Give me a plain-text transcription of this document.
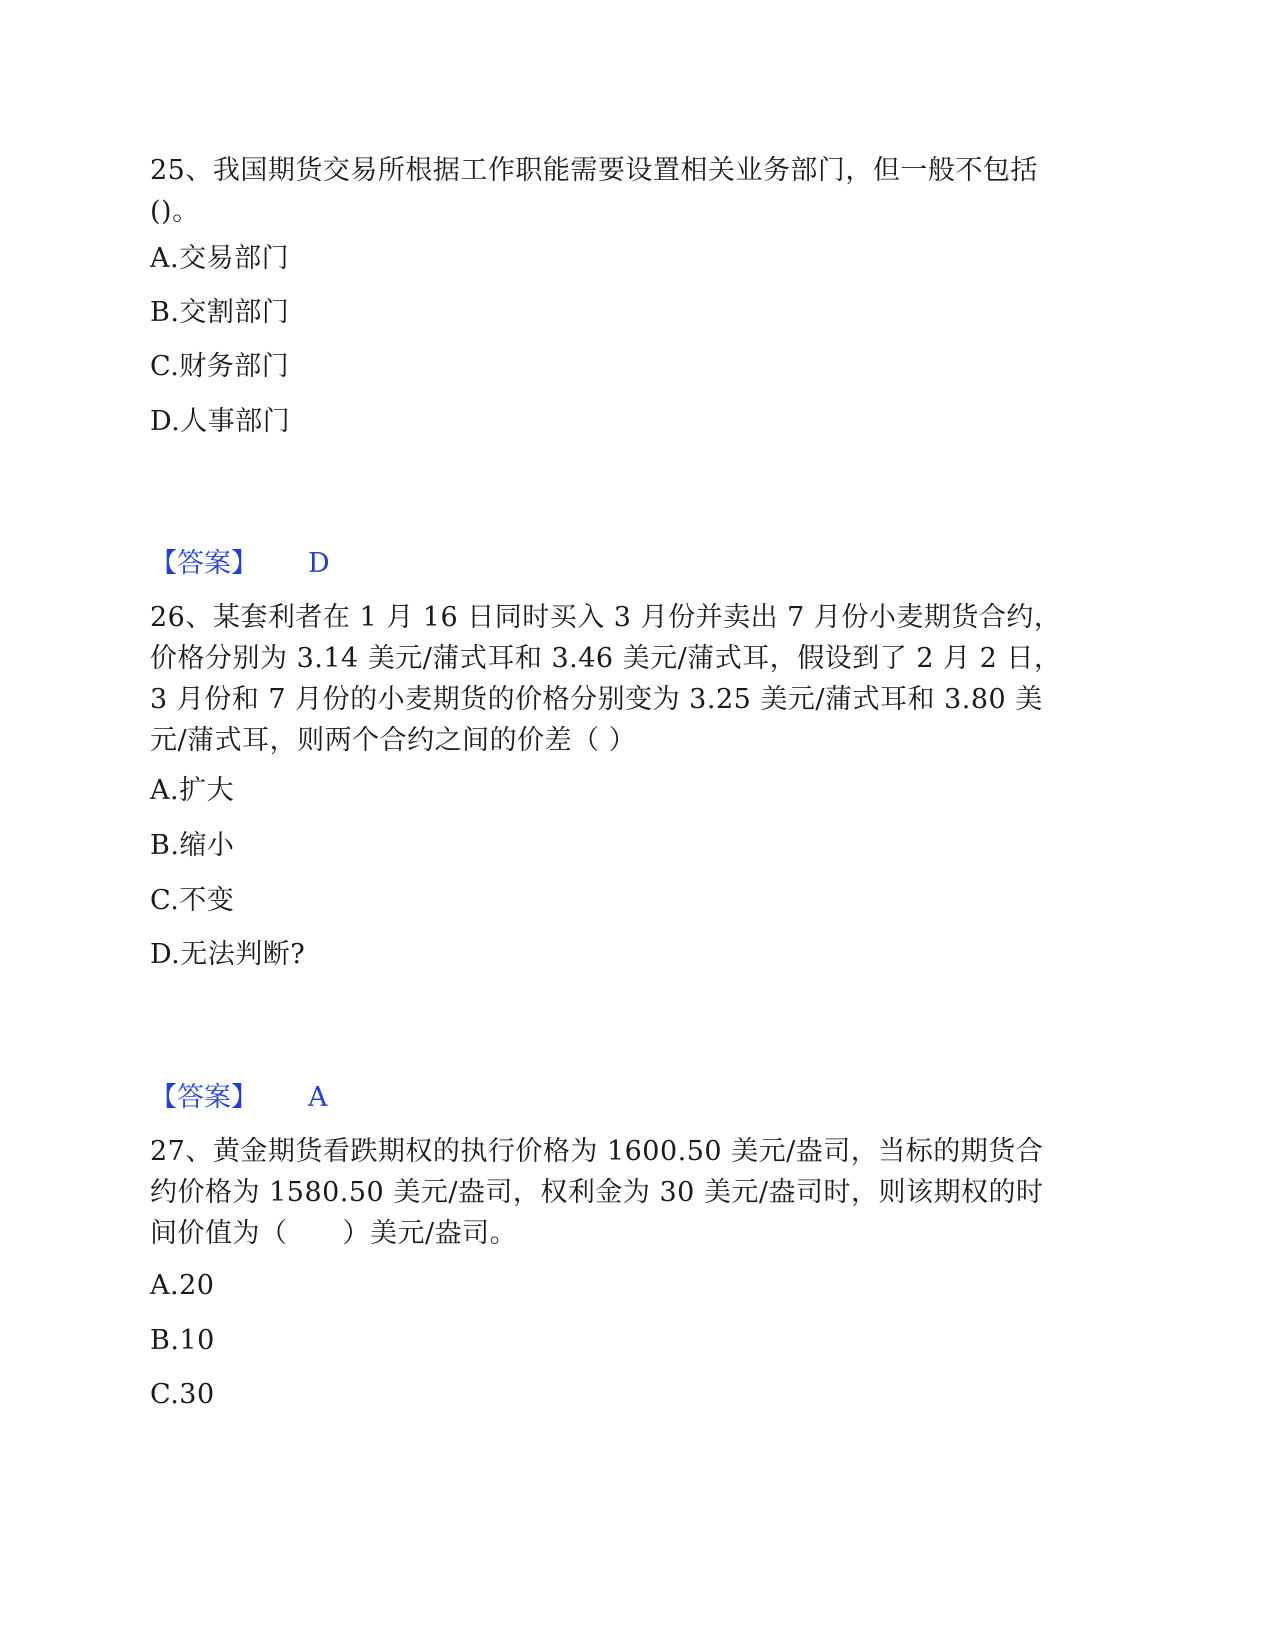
25、我国期货交易所根据工作职能需要设置相关业务部门，但一般不包括()。

A.交易部门

B.交割部门

C.财务部门

D.人事部门

【答案】 D

26、某套利者在 1 月 16 日同时买入 3 月份并卖出 7 月份小麦期货合约，价格分别为 3.14 美元/蒲式耳和 3.46 美元/蒲式耳，假设到了 2 月 2 日，3 月份和 7 月份的小麦期货的价格分别变为 3.25 美元/蒲式耳和 3.80 美元/蒲式耳，则两个合约之间的价差（ ）

A.扩大

B.缩小

C.不变

D.无法判断?

【答案】 A

27、黄金期货看跌期权的执行价格为 1600.50 美元/盎司，当标的期货合约价格为 1580.50 美元/盎司，权利金为 30 美元/盎司时，则该期权的时间价值为（　　）美元/盎司。

A.20

B.10

C.30
